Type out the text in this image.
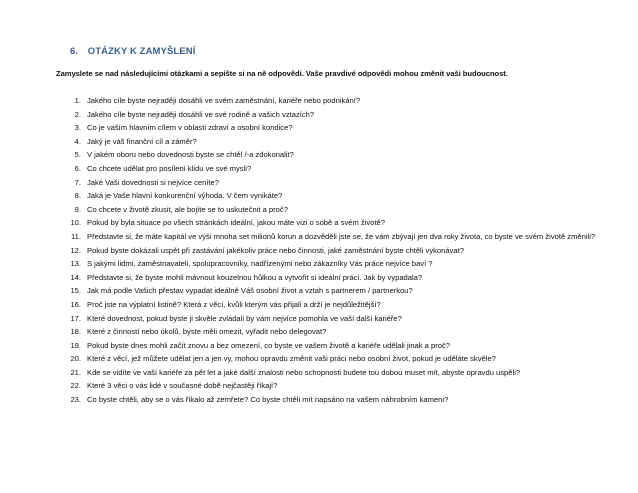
6. OTÁZKY K ZAMYŠLENÍ
Zamyslete se nad následujícími otázkami a sepište si na ně odpovědi. Vaše pravdivé odpovědi mohou změnit vaši budoucnost.
1. Jakého cíle byste nejraději dosáhli ve svém zaměstnání, kariéře nebo podnikání?
2. Jakého cíle byste nejraději dosáhli ve své rodině a vašich vztazích?
3. Co je vaším hlavním cílem v oblasti zdraví a osobní kondice?
4. Jaký je váš finanční cíl a záměr?
5. V jakém oboru nebo dovednosti byste se chtěl /-a zdokonalit?
6. Co chcete udělat pro posílení klidu ve své mysli?
7. Jaké Vaši dovednosti si nejvíce ceníte?
8. Jaká je Vaše hlavní konkurenční výhoda. V čem vynikáte?
9. Co chcete v životě zkusit, ale bojíte se to uskutečnit a proč?
10. Pokud by byla situace po všech stránkách ideální, jakou máte vizi o sobě a svém životě?
11. Představte si, že máte kapitál ve výši mnoha set milionů korun a dozvěděli jste se, že vám zbývají jen dva roky života, co byste ve svém životě změnili?
12. Pokud byste dokázali uspět při zastávání jakékoliv práce nebo činnosti, jaké zaměstnání byste chtěli vykonávat?
13. S jakými lidmi, zaměstnavateli, spolupracovníky, nadřízenými nebo zákazníky Vás práce nejvíce baví ?
14. Představte si, že byste mohli mávnout kouzelnou hůlkou a vytvořit si ideální práci. Jak by vypadala?
15. Jak má podle Vašich přestav vypadat ideálně Váš osobní život a vztah s partnerem / partnerkou?
16. Proč jste na výplatní listině? Která z věcí, kvůli kterým vás přijali a drží je nejdůležitější?
17. Které dovednost, pokud byste ji skvěle zvládali by vám nejvíce pomohla ve vaší další kariéře?
18. Které z činností nebo úkolů, byste měli omezit, vyřadit nebo delegovat?
19. Pokud byste dnes mohli začít znovu a bez omezení, co byste ve vašem životě a kariéře udělali jinak a proč?
20. Které z věcí, jež můžete udělat jen a jen vy, mohou opravdu změnit vaši práci nebo osobní život, pokud je uděláte skvěle?
21. Kde se vidíte ve vaší kariéře za pět let a jaké další znalosti nebo schopnosti budete tou dobou muset mít, abyste opravdu uspěli?
22. Které 3 věci o vás lidé v současné době nejčastěji říkají?
23. Co byste chtěli, aby se o vás říkalo až zemřete? Co byste chtěli mít napsáno na vašem náhrobním kameni?
